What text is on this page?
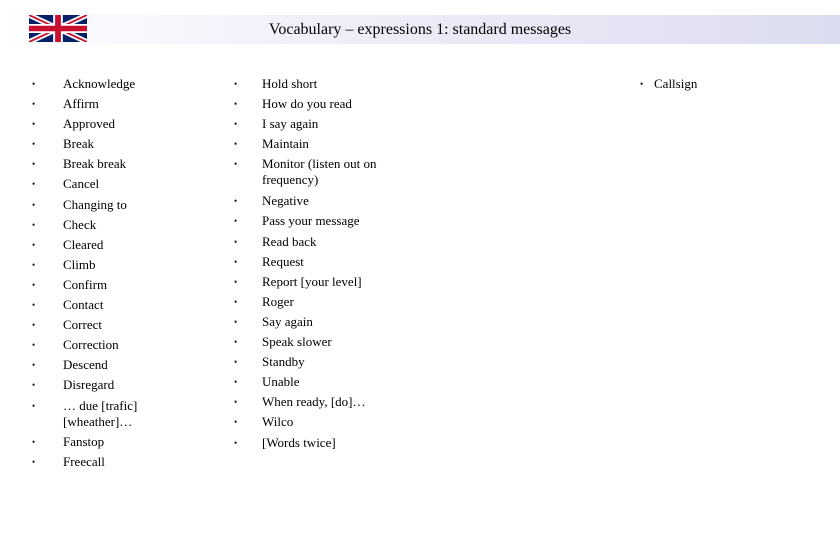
Vocabulary – expressions 1: standard messages
• Acknowledge
• Affirm
• Approved
• Break
• Break break
• Cancel
• Changing to
• Check
• Cleared
• Climb
• Confirm
• Contact
• Correct
• Correction
• Descend
• Disregard
• … due [trafic][wheather]…
• Fanstop
• Freecall
• Hold short
• How do you read
• I say again
• Maintain
• Monitor (listen out on frequency)
• Negative
• Pass your message
• Read back
• Request
• Report [your level]
• Roger
• Say again
• Speak slower
• Standby
• Unable
• When ready, [do]…
• Wilco
• [Words twice]
• Callsign
